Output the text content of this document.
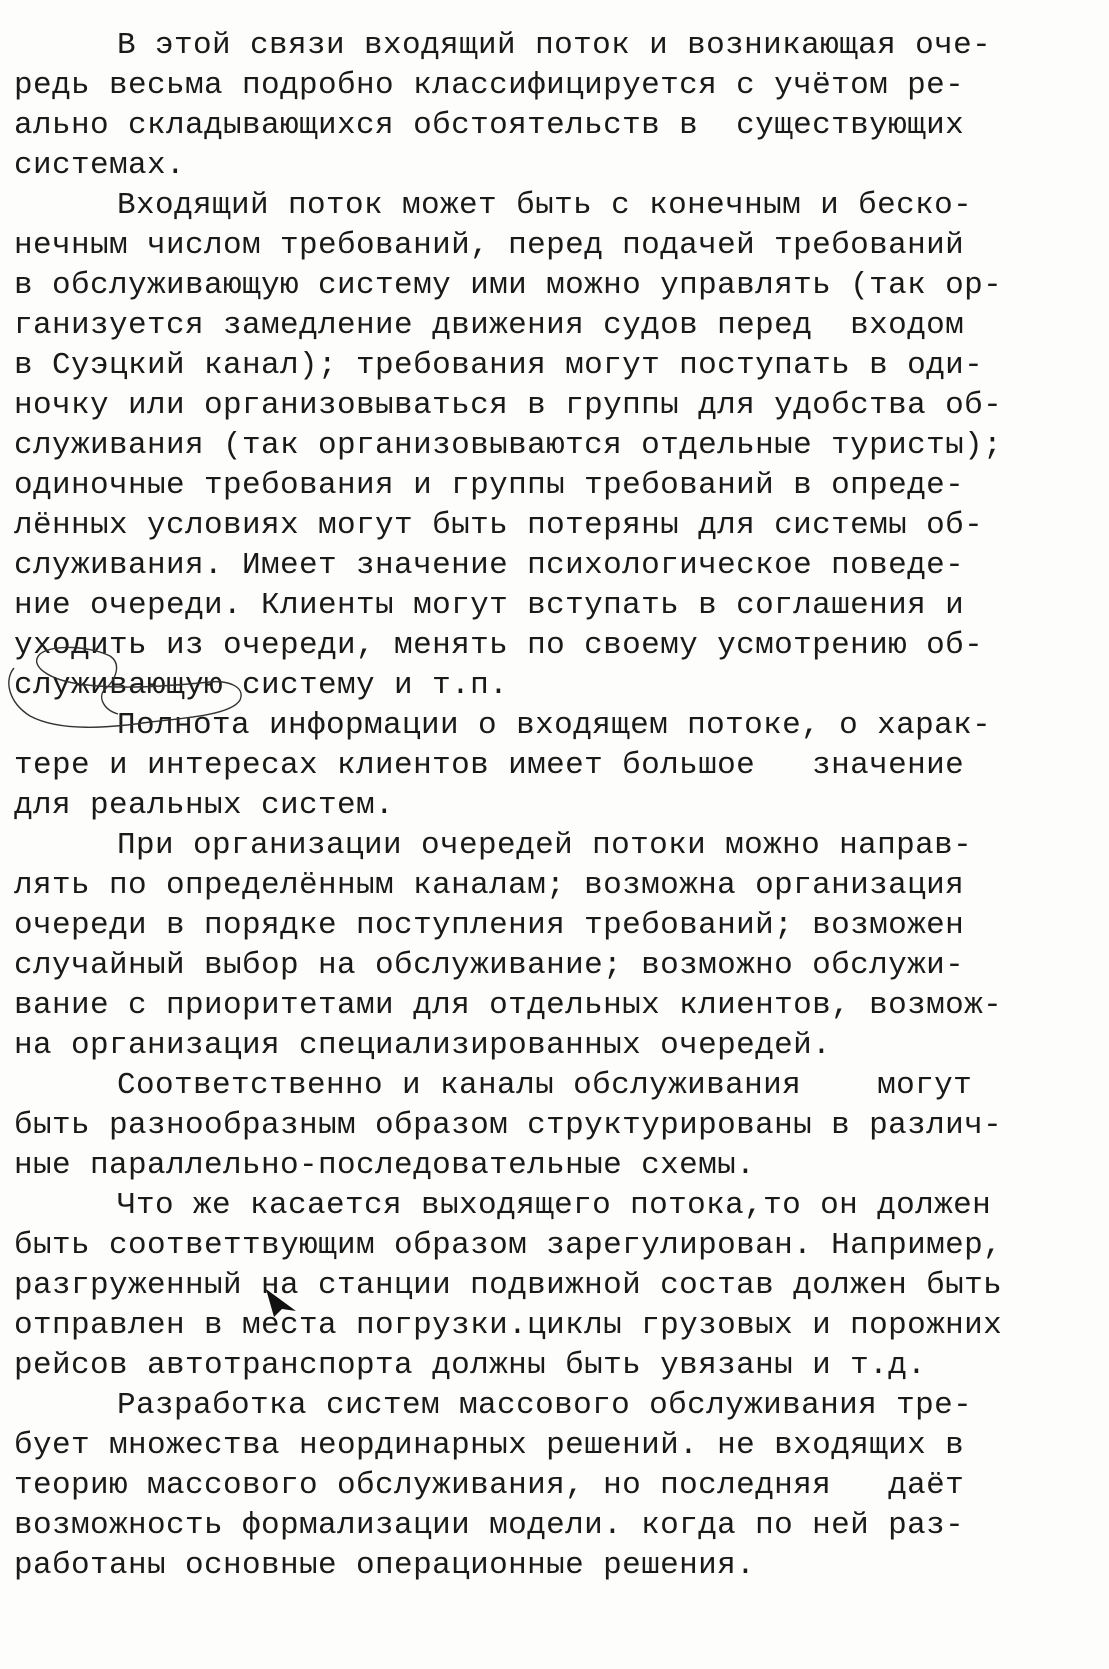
В этой связи входящий поток и возникающая оче-
редь весьма подробно классифицируется с учётом ре-
ально складывающихся обстоятельств в  существующих
системах.
Входящий поток может быть с конечным и беско-
нечным числом требований, перед подачей требований
в обслуживающую систему ими можно управлять (так ор-
ганизуется замедление движения судов перед  входом
в Суэцкий канал); требования могут поступать в оди-
ночку или организовываться в группы для удобства об-
служивания (так организовываются отдельные туристы);
одиночные требования и группы требований в опреде-
лённых условиях могут быть потеряны для системы об-
служивания. Имеет значение психологическое поведе-
ние очереди. Клиенты могут вступать в соглашения и
уходить из очереди, менять по своему усмотрению об-
служивающую систему и т.п.
Полнота информации о входящем потоке, о харак-
тере и интересах клиентов имеет большое   значение
для реальных систем.
При организации очередей потоки можно направ-
лять по определённым каналам; возможна организация
очереди в порядке поступления требований; возможен
случайный выбор на обслуживание; возможно обслужи-
вание с приоритетами для отдельных клиентов, возмож-
на организация специализированных очередей.
Соответственно и каналы обслуживания    могут
быть разнообразным образом структурированы в различ-
ные параллельно-последовательные схемы.
Что же касается выходящего потока,то он должен
быть соответтвующим образом зарегулирован. Например,
разгруженный на станции подвижной состав должен быть
отправлен в места погрузки.циклы грузовых и порожних
рейсов автотранспорта должны быть увязаны и т.д.
Разработка систем массового обслуживания тре-
бует множества неординарных решений. не входящих в
теорию массового обслуживания, но последняя   даёт
возможность формализации модели. когда по ней раз-
работаны основные операционные решения.
